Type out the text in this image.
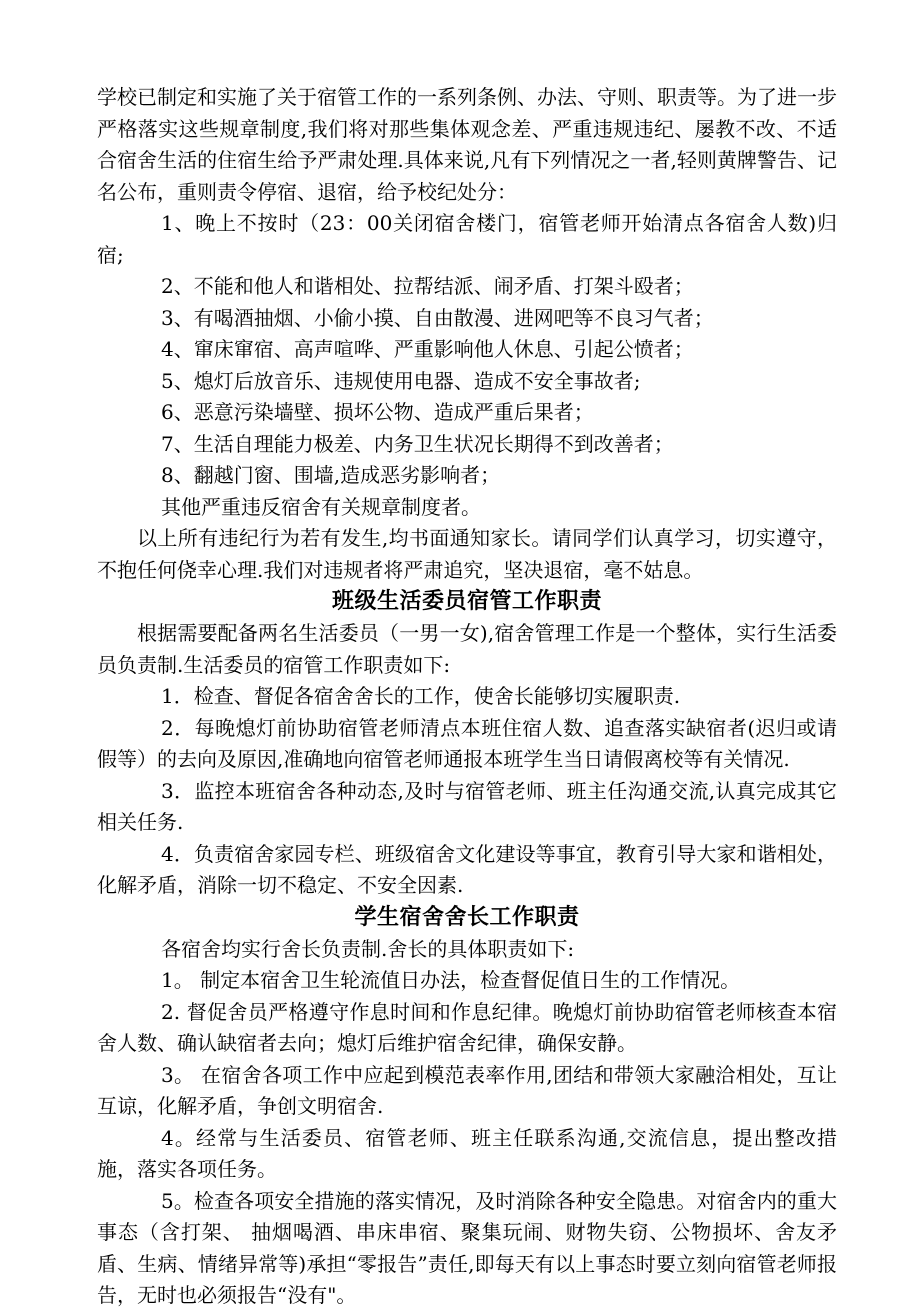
学校已制定和实施了关于宿管工作的一系列条例、办法、守则、职责等。为了进一步严格落实这些规章制度,我们将对那些集体观念差、严重违规违纪、屡教不改、不适合宿舍生活的住宿生给予严肃处理.具体来说,凡有下列情况之一者,轻则黄牌警告、记名公布，重则责令停宿、退宿，给予校纪处分：

1、晚上不按时（23：00关闭宿舍楼门，宿管老师开始清点各宿舍人数)归宿;

2、不能和他人和谐相处、拉帮结派、闹矛盾、打架斗殴者；

3、有喝酒抽烟、小偷小摸、自由散漫、进网吧等不良习气者；

4、窜床窜宿、高声喧哗、严重影响他人休息、引起公愤者；

5、熄灯后放音乐、违规使用电器、造成不安全事故者;

6、恶意污染墙壁、损坏公物、造成严重后果者；

7、生活自理能力极差、内务卫生状况长期得不到改善者；

8、翻越门窗、围墙,造成恶劣影响者；

其他严重违反宿舍有关规章制度者。

以上所有违纪行为若有发生,均书面通知家长。请同学们认真学习，切实遵守，不抱任何侥幸心理.我们对违规者将严肃追究，坚决退宿，毫不姑息。

班级生活委员宿管工作职责

根据需要配备两名生活委员（一男一女),宿舍管理工作是一个整体，实行生活委员负责制.生活委员的宿管工作职责如下:

1．检查、督促各宿舍舍长的工作，使舍长能够切实履职责.

2．每晚熄灯前协助宿管老师清点本班住宿人数、追查落实缺宿者(迟归或请假等）的去向及原因,准确地向宿管老师通报本班学生当日请假离校等有关情况.

3．监控本班宿舍各种动态,及时与宿管老师、班主任沟通交流,认真完成其它相关任务.

4．负责宿舍家园专栏、班级宿舍文化建设等事宜，教育引导大家和谐相处，化解矛盾，消除一切不稳定、不安全因素.

学生宿舍舍长工作职责

各宿舍均实行舍长负责制.舍长的具体职责如下:

1。 制定本宿舍卫生轮流值日办法，检查督促值日生的工作情况。

2. 督促舍员严格遵守作息时间和作息纪律。晚熄灯前协助宿管老师核查本宿舍人数、确认缺宿者去向；熄灯后维护宿舍纪律，确保安静。

3。 在宿舍各项工作中应起到模范表率作用,团结和带领大家融洽相处，互让互谅，化解矛盾，争创文明宿舍.

4。经常与生活委员、宿管老师、班主任联系沟通,交流信息，提出整改措施，落实各项任务。

5。检查各项安全措施的落实情况，及时消除各种安全隐患。对宿舍内的重大事态（含打架、 抽烟喝酒、串床串宿、聚集玩闹、财物失窃、公物损坏、舍友矛盾、生病、情绪异常等)承担“零报告”责任,即每天有以上事态时要立刻向宿管老师报告，无时也必须报告“没有"。
